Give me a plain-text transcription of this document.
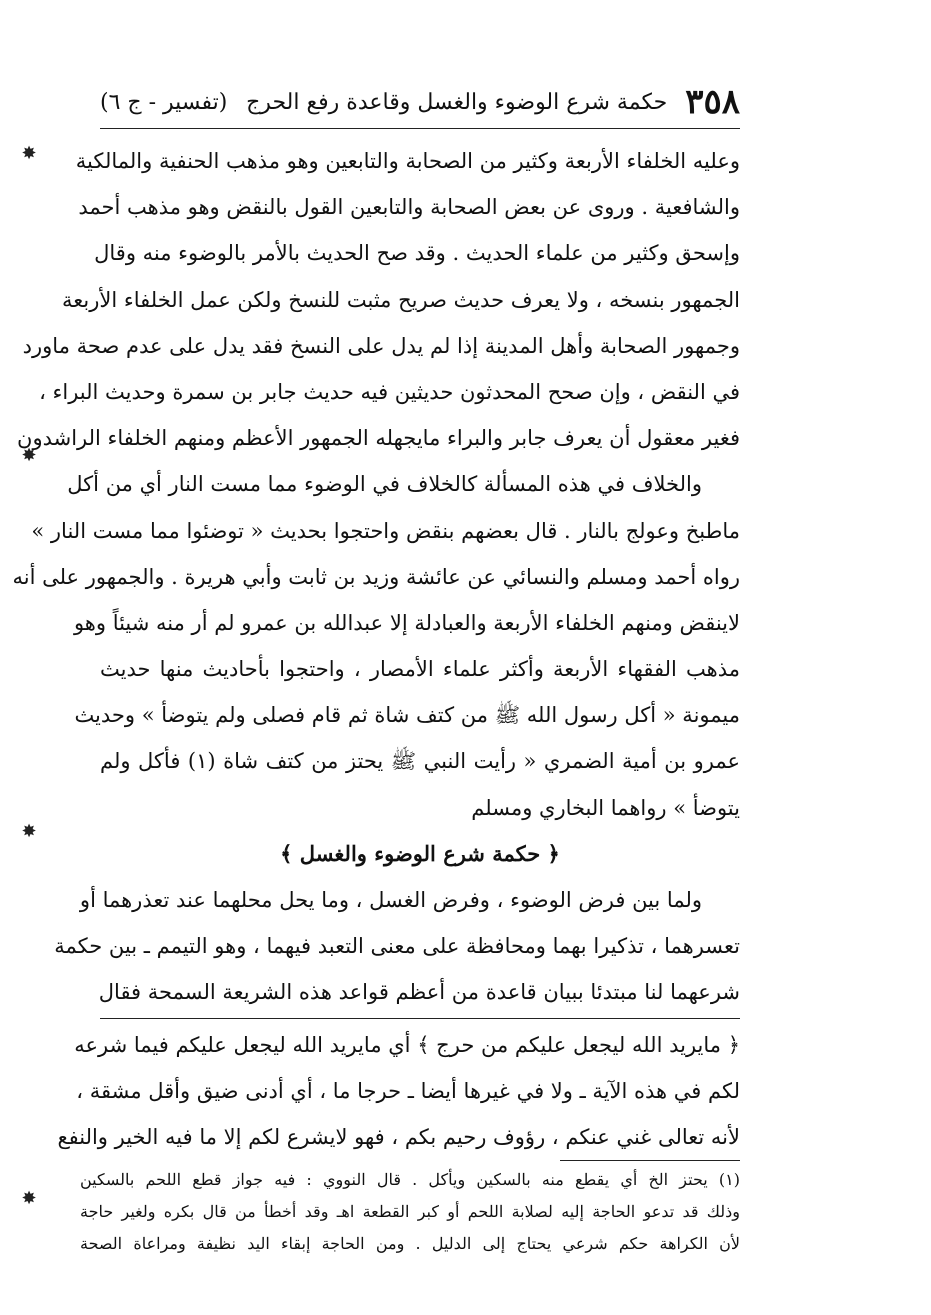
٣٥٨
حكمة شرع الوضوء والغسل وقاعدة رفع الحرج
(تفسير - ج ٦)
وعليه الخلفاء الأربعة وكثير من الصحابة والتابعين وهو مذهب الحنفية والمالكية
والشافعية . وروى عن بعض الصحابة والتابعين القول بالنقض وهو مذهب أحمد
وإسحق وكثير من علماء الحديث . وقد صح الحديث بالأمر بالوضوء منه وقال
الجمهور بنسخه ، ولا يعرف حديث صريح مثبت للنسخ ولكن عمل الخلفاء الأربعة
وجمهور الصحابة وأهل المدينة إذا لم يدل على النسخ فقد يدل على عدم صحة ماورد
في النقض ، وإن صحح المحدثون حديثين فيه حديث جابر بن سمرة وحديث البراء ،
فغير معقول أن يعرف جابر والبراء مايجهله الجمهور الأعظم ومنهم الخلفاء الراشدون
والخلاف في هذه المسألة كالخلاف في الوضوء مما مست النار أي من أكل
ماطبخ وعولج بالنار . قال بعضهم بنقض واحتجوا بحديث « توضئوا مما مست النار »
رواه أحمد ومسلم والنسائي عن عائشة وزيد بن ثابت وأبي هريرة . والجمهور على أنه
لاينقض ومنهم الخلفاء الأربعة والعبادلة إلا عبدالله بن عمرو لم أر منه شيئاً وهو
مذهب الفقهاء الأربعة وأكثر علماء الأمصار ، واحتجوا بأحاديث منها حديث
ميمونة « أكل رسول الله ﷺ من كتف شاة ثم قام فصلى ولم يتوضأ » وحديث
عمرو بن أمية الضمري « رأيت النبي ﷺ يحتز من كتف شاة (١) فأكل ولم
يتوضأ » رواهما البخاري ومسلم
﴿ حكمة شرع الوضوء والغسل ﴾
ولما بين فرض الوضوء ، وفرض الغسل ، وما يحل محلهما عند تعذرهما أو
تعسرهما ، تذكيرا بهما ومحافظة على معنى التعبد فيهما ، وهو التيمم ـ بين حكمة
شرعهما لنا مبتدئا ببيان قاعدة من أعظم قواعد هذه الشريعة السمحة فقال
﴿ مايريد الله ليجعل عليكم من حرج ﴾ أي مايريد الله ليجعل عليكم فيما شرعه
لكم في هذه الآية ـ ولا في غيرها أيضا ـ حرجا ما ، أي أدنى ضيق وأقل مشقة ،
لأنه تعالى غني عنكم ، رؤوف رحيم بكم ، فهو لايشرع لكم إلا ما فيه الخير والنفع
(١) يحتز الخ أي يقطع منه بالسكين ويأكل . قال النووي : فيه جواز قطع اللحم بالسكين
وذلك قد تدعو الحاجة إليه لصلابة اللحم أو كبر القطعة اهـ وقد أخطأ من قال بكره ولغير حاجة
لأن الكراهة حكم شرعي يحتاج إلى الدليل . ومن الحاجة إبقاء اليد نظيفة ومراعاة الصحة
✸
✸
✸
✸
